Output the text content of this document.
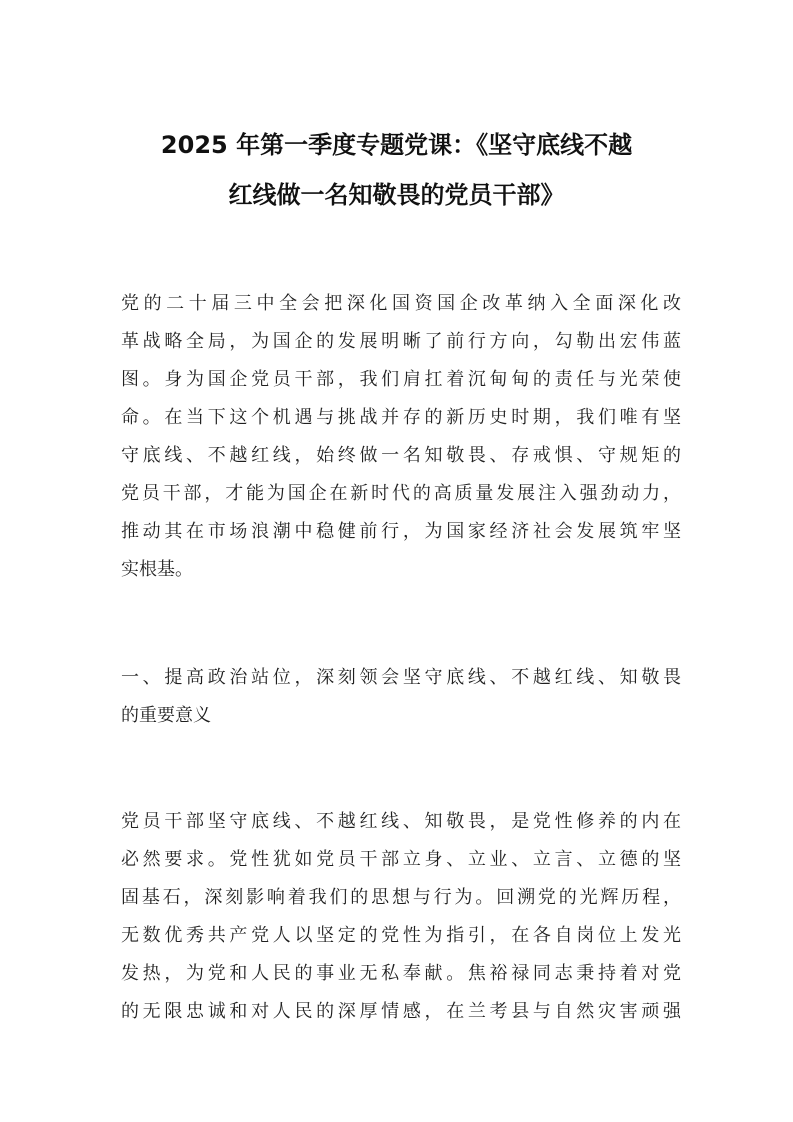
2025 年第一季度专题党课：《坚守底线不越
红线做一名知敬畏的党员干部》
党的二十届三中全会把深化国资国企改革纳入全面深化改
革战略全局，为国企的发展明晰了前行方向，勾勒出宏伟蓝
图。身为国企党员干部，我们肩扛着沉甸甸的责任与光荣使
命。在当下这个机遇与挑战并存的新历史时期，我们唯有坚
守底线、不越红线，始终做一名知敬畏、存戒惧、守规矩的
党员干部，才能为国企在新时代的高质量发展注入强劲动力，
推动其在市场浪潮中稳健前行，为国家经济社会发展筑牢坚
实根基。
一、提高政治站位，深刻领会坚守底线、不越红线、知敬畏
的重要意义
党员干部坚守底线、不越红线、知敬畏，是党性修养的内在
必然要求。党性犹如党员干部立身、立业、立言、立德的坚
固基石，深刻影响着我们的思想与行为。回溯党的光辉历程，
无数优秀共产党人以坚定的党性为指引，在各自岗位上发光
发热，为党和人民的事业无私奉献。焦裕禄同志秉持着对党
的无限忠诚和对人民的深厚情感，在兰考县与自然灾害顽强
